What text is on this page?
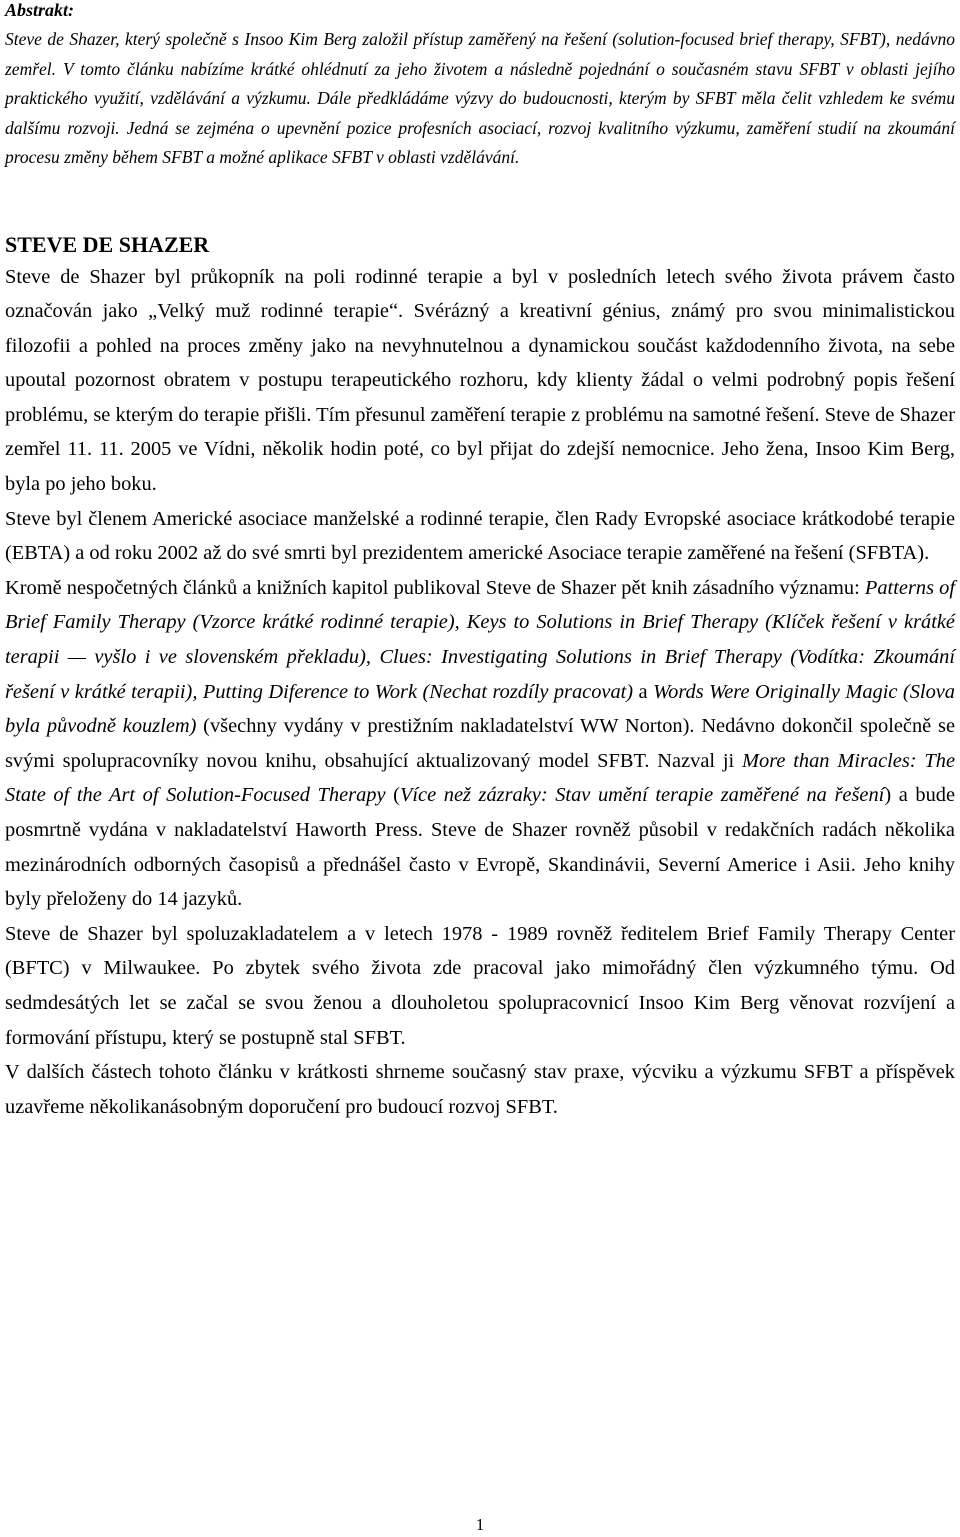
Abstrakt:

Steve de Shazer, který společně s Insoo Kim Berg založil přístup zaměřený na řešení (solution-focused brief therapy, SFBT), nedávno zemřel. V tomto článku nabízíme krátké ohlédnutí za jeho životem a následně pojednání o současném stavu SFBT v oblasti jejího praktického využití, vzdělávání a výzkumu. Dále předkládáme výzvy do budoucnosti, kterým by SFBT měla čelit vzhledem ke svému dalšímu rozvoji. Jedná se zejména o upevnění pozice profesních asociací, rozvoj kvalitního výzkumu, zaměření studií na zkoumání procesu změny během SFBT a možné aplikace SFBT v oblasti vzdělávání.

STEVE DE SHAZER

Steve de Shazer byl průkopník na poli rodinné terapie a byl v posledních letech svého života právem často označován jako „Velký muž rodinné terapie“. Svérázný a kreativní génius, známý pro svou minimalistickou filozofii a pohled na proces změny jako na nevyhnutelnou a dynamickou součást každodenního života, na sebe upoutal pozornost obratem v postupu terapeutického rozhoru, kdy klienty žádal o velmi podrobný popis řešení problému, se kterým do terapie přišli. Tím přesunul zaměření terapie z problému na samotné řešení. Steve de Shazer zemřel 11. 11. 2005 ve Vídni, několik hodin poté, co byl přijat do zdejší nemocnice. Jeho žena, Insoo Kim Berg, byla po jeho boku.

Steve byl členem Americké asociace manželské a rodinné terapie, člen Rady Evropské asociace krátkodobé terapie (EBTA) a od roku 2002 až do své smrti byl prezidentem americké Asociace terapie zaměřené na řešení (SFBTA).

Kromě nespočetných článků a knižních kapitol publikoval Steve de Shazer pět knih zásadního významu: Patterns of Brief Family Therapy (Vzorce krátké rodinné terapie), Keys to Solutions in Brief Therapy (Klíček řešení v krátké terapii — vyšlo i ve slovenském překladu), Clues: Investigating Solutions in Brief Therapy (Vodítka: Zkoumání řešení v krátké terapii), Putting Diference to Work (Nechat rozdíly pracovat) a Words Were Originally Magic (Slova byla původně kouzlem) (všechny vydány v prestižním nakladatelství WW Norton). Nedávno dokončil společně se svými spolupracovníky novou knihu, obsahující aktualizovaný model SFBT. Nazval ji More than Miracles: The State of the Art of Solution-Focused Therapy (Více než zázraky: Stav umění terapie zaměřené na řešení) a bude posmrtně vydána v nakladatelství Haworth Press. Steve de Shazer rovněž působil v redakčních radách několika mezinárodních odborných časopisů a přednášel často v Evropě, Skandinávii, Severní Americe i Asii. Jeho knihy byly přeloženy do 14 jazyků.

Steve de Shazer byl spoluzakladatelem a v letech 1978 - 1989 rovněž ředitelem Brief Family Therapy Center (BFTC) v Milwaukee. Po zbytek svého života zde pracoval jako mimořádný člen výzkumného týmu. Od sedmdesátých let se začal se svou ženou a dlouholetou spolupracovnicí Insoo Kim Berg věnovat rozvíjení a formování přístupu, který se postupně stal SFBT.

V dalších částech tohoto článku v krátkosti shrneme současný stav praxe, výcviku a výzkumu SFBT a příspěvek uzavřeme několikanásobným doporučení pro budoucí rozvoj SFBT.

1
